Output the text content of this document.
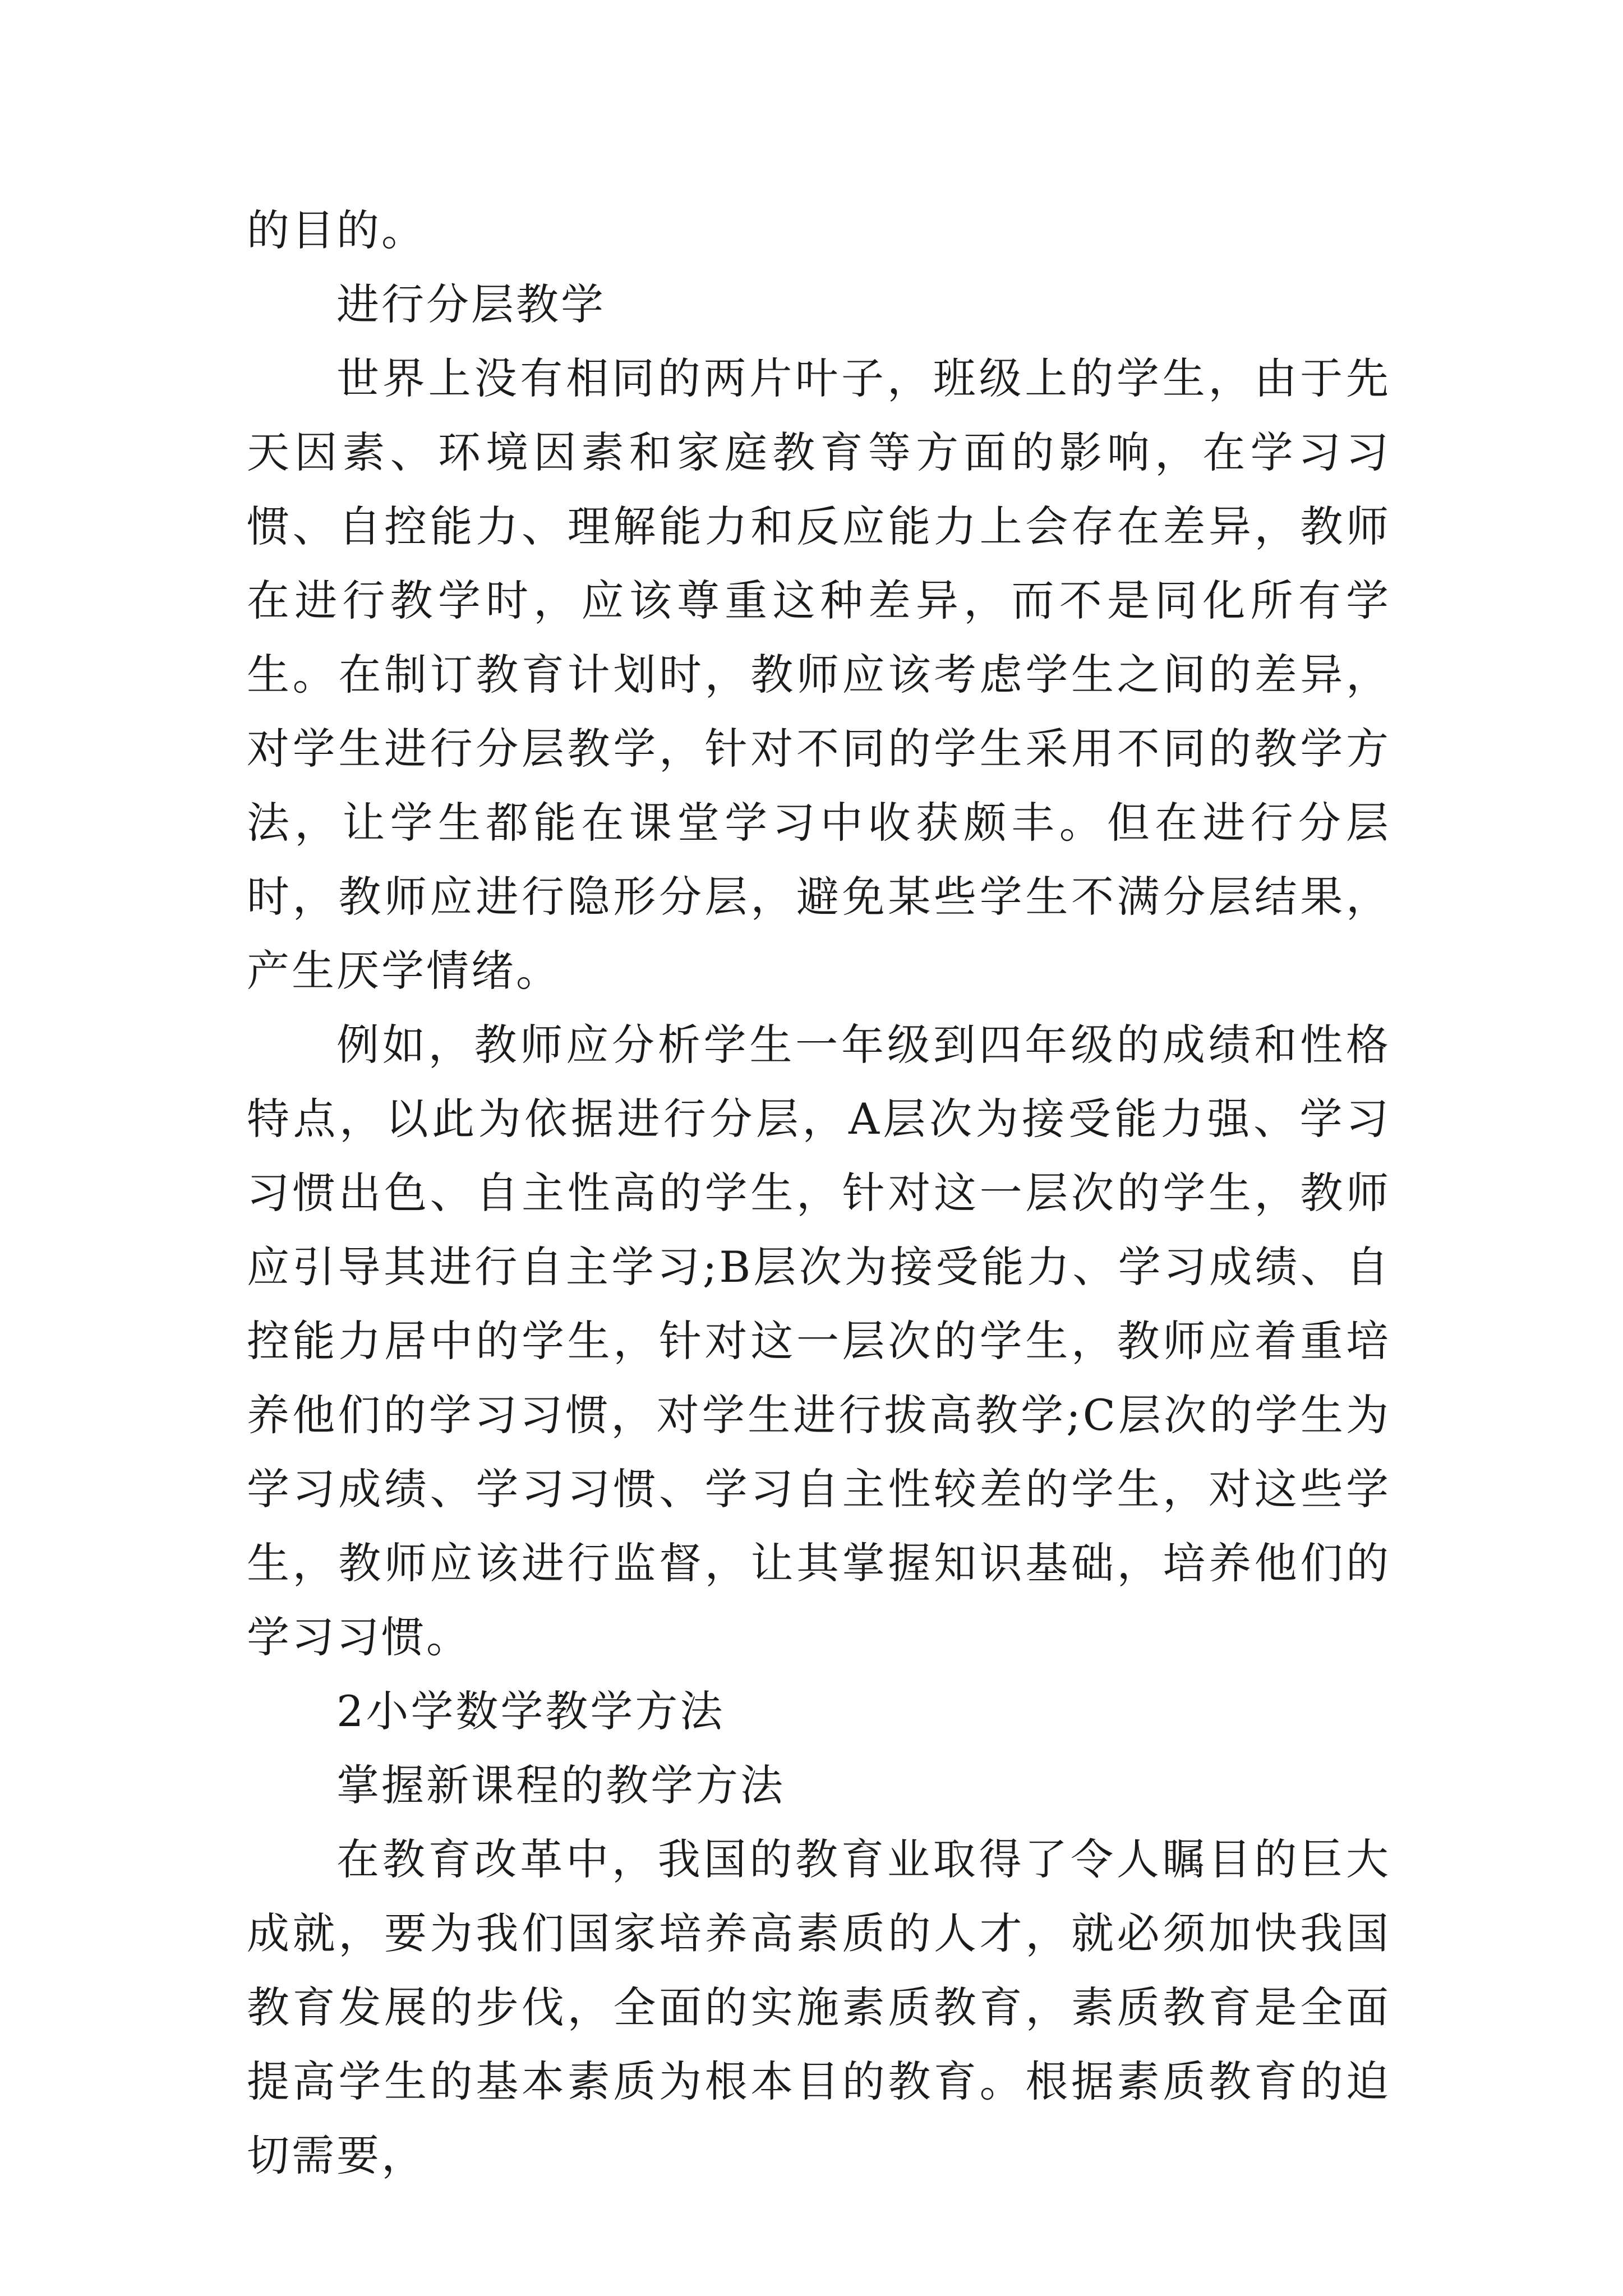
的目的。

进行分层教学

世界上没有相同的两片叶子，班级上的学生，由于先天因素、环境因素和家庭教育等方面的影响，在学习习惯、自控能力、理解能力和反应能力上会存在差异，教师在进行教学时，应该尊重这种差异，而不是同化所有学生。在制订教育计划时，教师应该考虑学生之间的差异，对学生进行分层教学，针对不同的学生采用不同的教学方法，让学生都能在课堂学习中收获颇丰。但在进行分层时，教师应进行隐形分层，避免某些学生不满分层结果，产生厌学情绪。

例如，教师应分析学生一年级到四年级的成绩和性格特点，以此为依据进行分层，A层次为接受能力强、学习习惯出色、自主性高的学生，针对这一层次的学生，教师应引导其进行自主学习;B层次为接受能力、学习成绩、自控能力居中的学生，针对这一层次的学生，教师应着重培养他们的学习习惯，对学生进行拔高教学;C层次的学生为学习成绩、学习习惯、学习自主性较差的学生，对这些学生，教师应该进行监督，让其掌握知识基础，培养他们的学习习惯。

2小学数学教学方法

掌握新课程的教学方法

在教育改革中，我国的教育业取得了令人瞩目的巨大成就，要为我们国家培养高素质的人才，就必须加快我国教育发展的步伐，全面的实施素质教育，素质教育是全面提高学生的基本素质为根本目的教育。根据素质教育的迫切需要，
